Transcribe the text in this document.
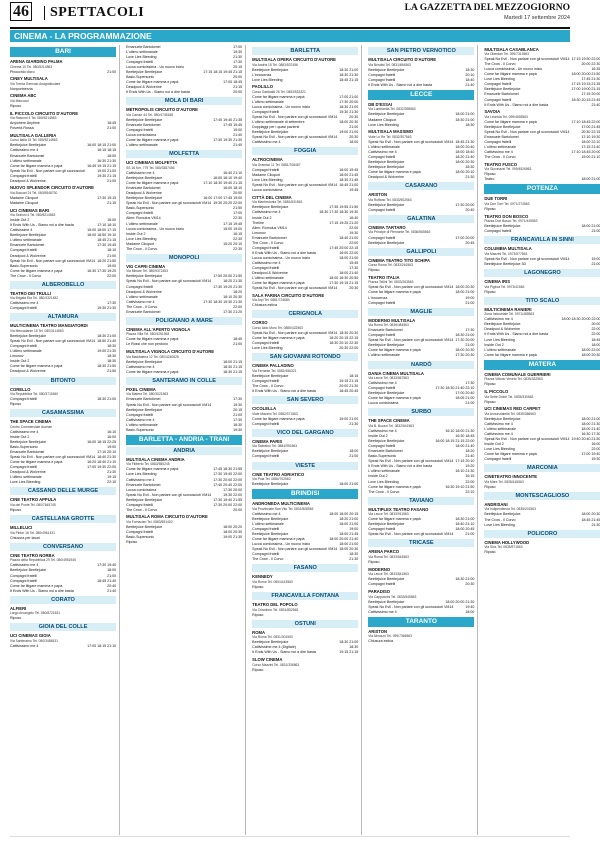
46 SPETTACOLI	LA GAZZETTA DEL MEZZOGIORNO
Martedì 17 settembre 2024
CINEMA - LA PROGRAMMAZIONE
BARI
ARENA GIARDINO PALMA
Cinema 10 Tel. 080/5214563
Pinocchio d'oro	21:00
CINEY MULTISALA
Via Trenta Gennaio Anagraficolare
Nonportnerzia
CINEMA ABC
Via Marcucci
Riposo
IL PICCOLO CIRCUITO D'AUTORE
Via Rasconi 4 Tel. 080/5214563
Anywhere Anytime	18:45
Povertà Rossa	21:00
MULTISALA GALLERIA
Corso Italia 15 Tel. 080/5214563
Beetlejuice Beetlejuice	16:00 18:15 21:00
Cattivissimo me 4	16:15 18:15
Emanuele Bartolomei	18:00
L'ultimo settimanale	16:30 21:30
Come far litigare mamma e papà	16:45 19:15 21:15
Speak No Evil - Non parlare con gli sconosciuti	19:00 21:00
Compagni fratelli	19:30 21:15
Deadpool & Wolverine	21:00
NUOVO SPLENDOR CIRCUITO D'AUTORE
Via Buccari 24 Tel. 080/5548730
Madame Clicquot	17:30 19:15
Madame Clicquot	21:15
UCI CINEMAS BARI
Via Sezioni 4 Tel. 080/5214563
Inside Out 2	16:00
It Ends With Us - Siamo noi a dire basta	17:10 18:10
Cattivissime 4	15:00 18:00 17:15
Beetlejuice Beetlejuice	18:00 18:50 19:10
L'ultimo settimanale	18:45 21:15
Emanuele Bartolomei	17:30 19:45
Compagni fratelli	18:10
Deadpool & Wolverine	21:00
Speak No Evil - Non parlare con gli sconosciuti VM14 18:20 21:50
Basic-Supersonic	19:00
Come far litigare mamma e papà	16:30 17:30 19:20
The Crow - Il Corvo	22:00
ALBEROBELLO
TEATRO DEI TRULLI
Via Brigata Eta Tel. 080/4321452
Cattivissimo me 4	17:30
Compagni fratelli	19:30 21:30
ALTAMURA
MULTICINEMA TEATRO MANGIATORDI
Via Mercadante 15 Tel. 080/3114563
Beetlejuice Beetlejuice	18:30 21:00
Speak No Evil - Non parlare con gli sconosciuti VM14 18:50 21:40
Compagni fratelli	18:30
L'ultimo settimanale	19:00 21:30
Limonov	18:30
Inside Out 2	18:30
Come far litigare mamma e papà	18:30 21:50
Deadpool & Wolverine	21:50
BITONTO
CORELLO
Via Repubblica Tel. 080/3711560
Compagni fratelli	18:30 21:00
Riposo
CASAMASSIMA
THE SPACE CINEMA
Centro Commerciale Auchan
Cattivissimo me 4	16:10
Inside Out 2	16:00
Beetlejuice Beetlejuice	16:00 18:15 22:25
Basic-Supersonic	19:00
Emanuele Bartolomei	17:10 20:10
Speak No Evil - Non parlare con gli sconosciuti VM14 18:40 21:30
Come far litigare mamma e papà	16:20 18:40 21:10
Compagni fratelli	17:00 19:30 22:00
Deadpool & Wolverine	21:30
L'ultimo settimanale	19:15
Love Lies Bleeding	22:10
CASSANO DELLE MURGE
CINE TEATRO APPULA
Via del Ponte Tel. 080/7645745
Riposo
CASTELLANA GROTTE
MILLELUCI
Via Pintor 16 Tel. 080/4961431
Chiusura per lavori
CONVERSANO
CINE TEATRO NORBA
Piazza della Repubblica 29 Tel. 080/4951945
Cattivissimo me 4	17:30 19:40
Beetlejuice Beetlejuice	18:00
Compagni fratelli	21:00
Compagni fratelli	18:45 21:40
Come far litigare mamma e papà	20:40
It Ends With Us - Siamo noi a dire basta	21:40
CORATO
ALFIERI
Largo Arcangelo Tel. 080/8721831
Riposo
GIOIA DEL COLLE
UCI CINEMAS GIOIA
Via Santeramo Tel. 080/3484531
Cattivissimo me 4	17:00 18:15 21:10
Emanuele Bartolomei	17:00
L'ultimo settimanale	19:30
Love Lies Bleeding	21:30
Compagni fratelli	17:30
Lucca comicissima - Un nuovo inizio	20:15
Beetlejuice Beetlejuice	17:15 18:15 19:45 21:15
Basic-Supersonic	20:00
Come far litigare mamma e papà	17:00 18:45
Deadpool & Wolverine	21:15
It Ends With Us - Siamo noi a dire basta	20:00
MOLA DI BARI
METROPOLIS CIRCUITO D'AUTORE
Via Cavour 44 Tel. 080/4745168
Beetlejuice Beetlejuice	17:40 19:40 21:35
Emanuele Bartolomei	17:45 19:45
Compagni fratelli	19:00
Lucca comicissima	21:40
Come far litigare mamma e papà	17:30 19:30 21:30
L'ultimo settimanale	21:40
MOLFETTA
UCI CINEMAS MOLFETTA
SS 16 Km. 779 Tel. 080/3387456
Cattivissimo me 4	16:40 21:10
Beetlejuice Beetlejuice	16:00 18:10 19:40
Come far litigare mamma e papà	17:10 18:30 19:40 21:15
Emanuele Bartolomei	16:00 18:10
Deadpool & Wolverine	20:00
Beetlejuice Beetlejuice	16:00 17:00 17:45 19:00
Speak No Evil - Non parlare con gli sconosciuti VM14 19:30 20:20 22:00
Basic-Supersonic	21:50
Compagni fratelli	17:00
Alien: Romulus VM14	22:30
L'ultimo settimanale	17:15 19:45
Lucca comicissima - Un nuovo inizio	15:00 19:00
Inside Out 2	16:15
Love Lies Bleeding	22:30
Madame Clicquot	15:20 20:10
The Crow - Il Corvo	22:30
MONOPOLI
VIG CAPRI CINEMA
Via Minare Tel. 080/9372453
Beetlejuice Beetlejuice	17:50 20:00 21:50
Speak No Evil - Non parlare con gli sconosciuti VM14	18:20 21:30
Compagni fratelli	17:30 19:20 21:30
Deadpool & Wolverine	18:20
L'ultimo settimanale	18:10 20:30
Cattivissimo me 4	17:30 18:30 19:30 21:30
The Crow - Il Corvo	22:00
Emanuele Bartolomei	17:30 21:20
POLIGNANO A MARE
CINEMA ALL'APERTO VIGNOLA
Piazza Villa Tel. 080/4251563
Come far litigare mamma e papà	18:45
Le Rossi che non perdono	21:00
MULTISALA VIGNOLA CIRCUITO D'AUTORE
Via Maddalena 12 Tel. 080/4240625
Beetlejuice Beetlejuice	18:00 21:15
Cattivissimo me 4	18:30 21:15
Come far litigare mamma e papà	18:30 21:15
SANTERAMO IN COLLE
PIXEL CINEMA
Via Matera Tel. 080/3021563
Emanuele Bartolomei	17:30
Speak No Evil - Non parlare con gli sconosciuti VM14	19:30
Beetlejuice Beetlejuice	20:15
Compagni fratelli	21:00
Cattivissimo me 4	17:30
L'ultimo settimanale	18:30
Basic-Supersonic	19:30
BARLETTA - ANDRIA - TRANI
ANDRIA
MULTISALA CINEMA ANDRIA
Via Filiberto Tel. 0883/555245
Come far litigare mamma e papà	17:45 18:30 21:55
Love Lies Bleeding	17:30 19:40 22:00
Cattivissimo me 4	17:30 20:00 22:00
Emanuele Bartolomei	17:40 20:40 22:00
Lucca comicissima	17:30 20:00
Speak No Evil - Non parlare con gli sconosciuti VM14	19:30 22:00
Beetlejuice Beetlejuice	17:30 19:40 21:55
Compagni fratelli	17:30 20:00 22:00
The Crow - Il Corvo	20:00
MULTISALA ROMA CIRCUITO D'AUTORE
Via Fornacieri Tel. 0883/551402
Beetlejuice Beetlejuice	18:00 20:20
Compagni fratelli	18:00 20:30
Basic-Supersonic	19:00 21:30
Riposo
BARLETTA
MULTISALA OPERA CIRCUITO D'AUTORE
Via Andria 15 Tel. 0883/537456
Beetlejuice Beetlejuice	18:30 21:00
L'innocenza	18:30 21:30
Love Lies Bleeding	18:45 21:15
PAOLILLO
Corso Garibaldi 26 Tel. 0883/533321
Come far litigare mamma e papà	17:00 21:00
L'ultimo settimanale	17:30 20:00
Lucca comicissima - Un nuovo inizio	18:30 21:00
Compagni fratelli	19:30 21:30
Speak No Evil - Non parlare con gli sconosciuti VM14	20:30
L'ultimo settimanale di settembre	18:00 20:30
Doppiaggi per i quasi pazienti	21:00
Beetlejuice Beetlejuice	19:00 21:00
Speak No Evil - Non parlare con gli sconosciuti VM14	20:30
Cattivissimo me 4	18:00
FOGGIA
ALTROCINEMA
Via Gramsci 11 Tel. 0881/708487
Compagni fratelli	16:00 19:45
Madame Clicquot	18:00 21:45
Love Lies Bleeding	18:30 21:45
Speak No Evil - Non parlare con gli sconosciuti VM14 16:45 21:00
Lucca comicissima	19:45
CITTÀ DEL CINEMA
Via Manfredonia Tel. 0881/631563
Beetlejuice Beetlejuice	17:35 19:55 21:50
Cattivissimo me 4	18:30 17:30 18:30 19:30
Inside Out 2	16:40
Theline	17:15 19:25 21:20
Alien: Romulus VM14	22:00
Limonov	19:30
Emanuele Bartolomei	18:40 21:00
The Crow - Il Corvo	22:00
Compagni fratelli	17:45 20:00 22:15
It Ends With Us - Siamo noi a dire basta	16:00 22:00
Lucca comicissima - Un nuovo inizio	18:00 21:00
Cattivissimo me 4	15:45
Compagni fratelli	17:30
Deadpool & Wolverine	18:00 21:40
L'ultimo settimanale	18:00 18:30 20:50
Come far litigare mamma e papà	17:30 19:15 21:15
Speak No Evil - Non parlare con gli sconosciuti VM14	20:30
SALA FARINA CIRCUITO D'AUTORE
Via Arpi Tel. 0881/724684
Chiusura estiva
CERIGNOLA
CORSO
Corso Aldo Moro Tel. 0885/422563
Speak No Evil - Non parlare con gli sconosciuti VM14 18:30 20:30
Come far litigare mamma e papà	18:20 20:15 22:15
Compagni fratelli	18:30 20:10 22:30
Love Lies Bleeding	20:30 22:00
SAN GIOVANNI ROTONDO
CINEMA PALLADINO
Via Ferrante Tel. 0882/456321
Beetlejuice Beetlejuice	18:15
Compagni fratelli	19:15 21:15
The Crow - Il Corvo	20:00 21:30
It Ends With Us - Siamo noi a dire basta	18:45 20:45
SAN SEVERO
CICOLELLA
Viale Mazzini Tel. 0882/371563
Come far litigare mamma e papà	19:00 21:00
Compagni fratelli	21:30
VICO DEL GARGANO
CINEMA PARIS
Via Sabotino Tel. 0884/991563
Beetlejuice Beetlejuice	18:00
Compagni fratelli	21:00
VIESTE
CINE TEATRO ADRIATICO
Via Pola Tel. 0884/702563
Beetlejuice Beetlejuice	18:00 21:00
BRINDISI
ANDROMEDA MULTICINEMA
Via Provinciale San Vito Tel. 0831/508563
Cattivissimo me 4	18:00 18:00 20:15
Beetlejuice Beetlejuice	18:20 21:00
L'ultimo settimanale	18:00 21:00
Compagni fratelli	19:00
Beetlejuice Beetlejuice	18:00 21:45
Come far litigare mamma e papà	18:00 20:00 21:40
Lucca comicissima - Un nuovo inizio	18:00 21:00
Speak No Evil - Non parlare con gli sconosciuti VM14 18:00 20:30
Compagni fratelli	18:30
The Crow - Il Corvo	21:30
FASANO
KENNEDY
Via Roma Tel. 080/4413563
Riposo
FRANCAVILLA FONTANA
TEATRO DEL POPOLO
Via Cristoforo Tel. 0831/852563
Riposo
OSTUNI
ROMA
Via Roma Tel. 0831/301563
Beetlejuice Beetlejuice	18:30 21:00
Cattivissime me 4 (Digitale)	18:30
It Ends With Us - Siamo noi a dire basta	19:15 21:15
SLOW CINEMA
Corso Mazzini Tel. 0831/336563
Riposo
SAN PIETRO VERNOTICO
MULTISALA CIRCUITO D'AUTORE
Via Brindisi Tel. 0831/654563
Beetlejuice Beetlejuice	18:30
Compagni fratelli	20:10
Compagni fratelli	18:40
It Ends With Us - Siamo noi a dire basta	21:40
LECCE
DB D'ESSAI
Via Lombardia Tel. 0832/395563
Beetlejuice Beetlejuice	18:00 21:00
Madame Clicquot	18:30 21:00
Love Lies Bleeding	18:30
MULTISALA MASSIMO
Viale Lo Re Tel. 0832/307563
Speak No Evil - Non parlare con gli sconosciuti VM14 18:45 21:30
L'ultimo settimanale	18:00 20:40
Cattivissimo me 4	18:00 18:40
Compagni fratelli	18:20 21:40
Beetlejuice Beetlejuice	18:00 20:30
Beetlejuice Beetlejuice	18:30
Come far litigare mamma e papà	18:00 20:10
Deadpool & Wolverine	21:30
CASARANO
ARISTON
Via Ruffano Tel. 0833/502563
Beetlejuice Beetlejuice	17:30 20:00
Compagni fratelli	20:40
GALATINA
CINEMA TARTARO
Via Principe di Piemonte Tel. 0836/565563
Compagni fratelli	17:00 20:00
Beetlejuice Beetlejuice	20:45
GALLIPOLI
CINEMA TEATRO TITO SCHIPA
Corso Roma Tel. 0833/261563
Riposo
TEATRO ITALIA
Piazza Tellini Tel. 0833/263563
Speak No Evil - Non parlare con gli sconosciuti VM14 18:00 20:30
Come far litigare mamma e papà	18:00 21:00
L'innocenza	19:00
Compagni fratelli	21:00
MAGLIE
MODERNO MULTISALA
Via Roma Tel. 0836/484563
Emanuele Bartolomei	17:30
Compagni fratelli	18:30 21:00
Speak No Evil - Non parlare con gli sconosciuti VM14 17:30 20:00
Beetlejuice Beetlejuice	21:00
Come far litigare mamma e papà	18:00 20:30
L'ultimo settimanale	17:30 20:30
NARDÒ
DANIA CINEMA MULTISALA
Via Lecce Tel. 0833/567563
Cattivissimo me 4	17:30
Compagni fratelli	17:30 18:30 21:40 22:10
Beetlejuice Beetlejuice	17:00 20:40
Come far litigare mamma e papà	18:05 21:00
Lucca comicissima	21:00
SURBO
THE SPACE CINEMA
Via B. Buozzi Tel. 0832/641563
Cattivissimo me 4	16:10 18:00 21:30
Inside Out 2	16:30 18:45
Beetlejuice Beetlejuice	16:00 18:15 21:15 22:00
Compagni fratelli	18:00 21:40
Emanuele Bartolomei	18:20
Basic-Supersonic	21:40
Speak No Evil - Non parlare con gli sconosciuti VM14 17:15 20:10
It Ends With Us - Siamo noi a dire basta	19:20
L'ultimo settimanale	18:10 21:30
Inside Out 2	16:15
Love Lies Bleeding	22:00
Come far litigare mamma e papà	16:30 19:10 21:50
The Crow - Il Corvo	22:10
TAVIANO
MULTIPLEX TEATRO FASANO
Via Lecce Tel. 0833/911563
Come far litigare mamma e papà	18:30 21:00
Beetlejuice Beetlejuice	18:40 21:10
Compagni fratelli	18:00 20:45
Speak No Evil - Non parlare con gli sconosciuti VM14	21:00
TRICASE
ARENA PARCO
Via Roma Tel. 0833/544563
Riposo
MODERNO
Via Lecce Tel. 0833/541563
Beetlejuice Beetlejuice	18:30 21:00
Compagni fratelli	20:30
PARADISO
Via Cappuccini Tel. 0833/545563
Beetlejuice Beetlejuice	18:00 20:00 21:30
Speak No Evil - Non parlare con gli sconosciuti VM14	19:40
Cattivissimo me 4	18:00
TARANTO
ARISTON
Via Abruzzo Tel. 099/7366563
Chiusura estiva
MULTISALA CASABLANCA
Via Oberdan Tel. 099/7313563
Speak No Evil - Non parlare con gli sconosciuti VM14 17:15 19:50 22:00
The Crow - Il Corvo	20:00 22:30
Lucca comicissima - Un nuovo inizio	16:35
Come far litigare mamma e papà	18:00 20:00 21:50
Love Lies Bleeding	17:45 21:30
Compagni fratelli	17:15 19:15 21:35
Beetlejuice Beetlejuice	17:00 19:00 21:15
Emanuele Bartolomei	17:15 20:00
Compagni fratelli	18:30 20:15 21:45
It Ends With Us - Siamo noi a dire basta	21:40
SAVOIA
Via Leonida Tel. 099/4593563
Come far litigare mamma e papà	17:10 18:45 22:00
Beetlejuice Beetlejuice	17:00 21:45
Speak No Evil - Non parlare con gli sconosciuti VM14	20:30 22:15
Emanuele Bartolomei	17:10 19:30
Compagni fratelli	18:00 22:10
L'ultimo settimanale	17:15 21:40
Cattivissimo me 4	17:10 18:45 20:00
The Crow - Il Corvo	19:00 21:10
TEATRO FUSCO
Via Giovinazzi Tel. 099/4526563
Riposo
Teatro	18:00 21:00
POTENZA
DUE TORRI
Via Due Torri Tel. 0971/274563
Riposo
TEATRO DON BOSCO
Piazza Don Bosco Tel. 0971/445563
Beetlejuice Beetlejuice	18:00 21:00
Compagni fratelli	21:00
FRANCAVILLA IN SINNI
COLUMBIA MULTISALA
Via Mazzini Tel. 0973/577563
Speak No Evil - Non parlare con gli sconosciuti VM14	19:00
Beetlejuice Beetlejuice 3D	21:00
LAGONEGRO
CINEMA IRIS
Via Pigeca Tel. 0973/41563
Riposo
TITO SCALO
MULTICINEMA RANIERI
Zona Industriale Tel. 0971/485563
Cattivissimo me 4	18:00 18:30 20:00 22:00
Beetlejuice Beetlejuice	20:00
Deadpool & Wolverine	22:00
It Ends With Us - Siamo noi a dire basta	22:00
Love Lies Bleeding	18:45
Inside Out 2	18:00
L'ultimo settimanale	18:00 22:00
Come far litigare mamma e papà	18:00 20:30
MATERA
CINEMA COMUNALE GUERRIERI
Piazza Vittorio Veneto Tel. 0835/332563
Riposo
IL PICCOLO
Via Sette Dolori Tel. 0835/330563
Riposo
UCI CINEMAS RED CARPET
Via Annunziatella Tel. 0835/386563
Beetlejuice Beetlejuice	18:00 21:00
Cattivissimo me 4	18:00 21:30
L'ultimo settimanale	18:00 21:40
Cattivissimo me 4	16:30 17:30
Speak No Evil - Non parlare con gli sconosciuti VM14 19:40 20:40 21:50
Inside Out 2	16:00
Love Lies Bleeding	22:00
Come far litigare mamma e papà	17:00 19:40
Compagni fratelli	19:30
MARCONIA
CINETEATRO INNOCENTE
Via Mare Tel. 0835/416563
Riposo
MONTESCAGLIOSO
ANDRISANI
Via Indipendenza Tel. 0835/201563
Beetlejuice Beetlejuice	18:00 20:30
The Crow - Il Corvo	18:45 21:45
Love Lies Bleeding	21:30
POLICORO
CINEMA HOLLYWOOD
Via Siris Tel. 0835/971563
Riposo
